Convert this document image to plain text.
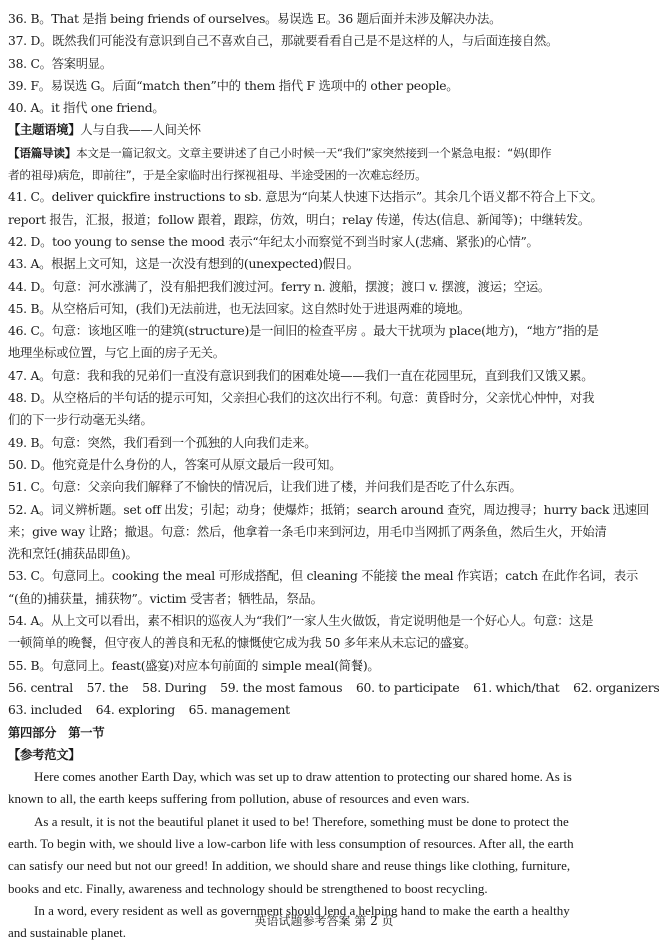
36. B。That 是指 being friends of ourselves。易误选 E。36 题后面并未涉及解决办法。
37. D。既然我们可能没有意识到自己不喜欢自己，那就要看看自己是不是这样的人，与后面连接自然。
38. C。答案明显。
39. F。易误选 G。后面“match then”中的 them 指代 F 选项中的 other people。
40. A。it 指代 one friend。
【主题语境】人与自我——人间关怀
【语篇导读】本文是一篇记叙文。文章主要讲述了自己小时候一天“我们”家突然接到一个紧急电报：“妈(即作
者的祖母)病危，即前往”，于是全家临时出行探视祖母、半途受困的一次难忘经历。
41. C。deliver quickfire instructions to sb. 意思为“向某人快速下达指示”。其余几个语义都不符合上下文。
report 报告，汇报，报道；follow 跟着，跟踪，仿效，明白；relay 传递，传达(信息、新闻等)；中继转发。
42. D。too young to sense the mood 表示“年纪太小而察觉不到当时家人(悲痛、紧张)的心情”。
43. A。根据上文可知，这是一次没有想到的(unexpected)假日。
44. D。句意：河水涨满了，没有船把我们渡过河。ferry n. 渡船，摆渡；渡口 v. 摆渡，渡运；空运。
45. B。从空格后可知，(我们)无法前进，也无法回家。这自然时处于进退两难的境地。
46. C。句意：该地区唯一的建筑(structure)是一间旧的检查平房 。最大干扰项为 place(地方)，“地方”指的是
地理坐标或位置，与它上面的房子无关。
47. A。句意：我和我的兄弟们一直没有意识到我们的困难处境——我们一直在花园里玩，直到我们又饿又累。
48. D。从空格后的半句话的提示可知，父亲担心我们的这次出行不利。句意：黄昏时分，父亲忧心忡忡，对我
们的下一步行动毫无头绪。
49. B。句意：突然，我们看到一个孤独的人向我们走来。
50. D。他究竟是什么身份的人，答案可从原文最后一段可知。
51. C。句意：父亲向我们解释了不愉快的情况后，让我们进了楼，并问我们是否吃了什么东西。
52. A。词义辨析题。set off 出发；引起；动身；使爆炸；抵销；search around 查究，周边搜寻；hurry back 迅速回
来；give way 让路；撤退。句意：然后，他拿着一条毛巾来到河边，用毛巾当网抓了两条鱼，然后生火，开始清
洗和烹饪(捕获品即鱼)。
53. C。句意同上。cooking the meal 可形成搭配，但 cleaning 不能接 the meal 作宾语；catch 在此作名词，表示
“(鱼的)捕获量，捕获物”。victim 受害者；牺牲品，祭品。
54. A。从上文可以看出，素不相识的巡夜人为“我们”一家人生火做饭，肯定说明他是一个好心人。句意：这是
一顿简单的晚餐，但守夜人的善良和无私的慷慨使它成为我 50 多年来从未忘记的盛宴。
55. B。句意同上。feast(盛宴)对应本句前面的 simple meal(简餐)。
56. central 57. the 58. During 59. the most famous 60. to participate 61. which/that 62. organizers
63. included 64. exploring 65. management
第四部分　第一节
【参考范文】
Here comes another Earth Day, which was set up to draw attention to protecting our shared home. As is
known to all, the earth keeps suffering from pollution, abuse of resources and even wars.
As a result, it is not the beautiful planet it used to be! Therefore, something must be done to protect the
earth. To begin with, we should live a low-carbon life with less consumption of resources. After all, the earth
can satisfy our need but not our greed! In addition, we should share and reuse things like clothing, furniture,
books and etc. Finally, awareness and technology should be strengthened to boost recycling.
In a word, every resident as well as government should lend a helping hand to make the earth a healthy
and sustainable planet.
英语试题参考答案 第 2 页
